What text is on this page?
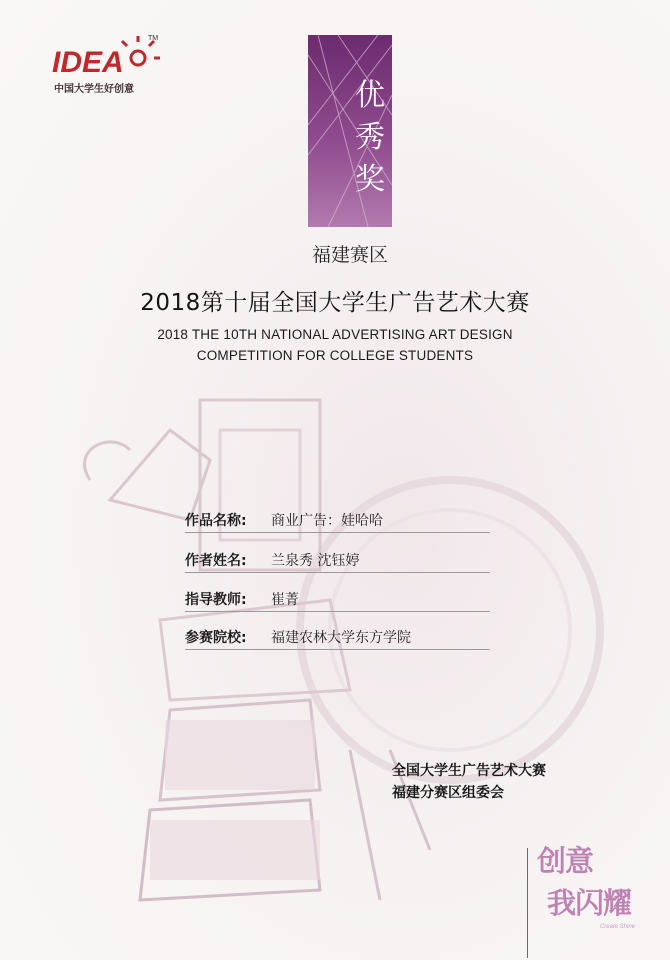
IDEA
TM
中国大学生好创意	优秀奖
福建赛区
2018第十届全国大学生广告艺术大赛
2018 THE 10TH NATIONAL ADVERTISING ART DESIGN
COMPETITION FOR COLLEGE STUDENTS
作品名称: 商业广告：娃哈哈
作者姓名: 兰泉秀 沈钰婷
指导教师: 崔菁
参赛院校: 福建农林大学东方学院
全国大学生广告艺术大赛
福建分赛区组委会
创意
我闪耀
Create Shine
